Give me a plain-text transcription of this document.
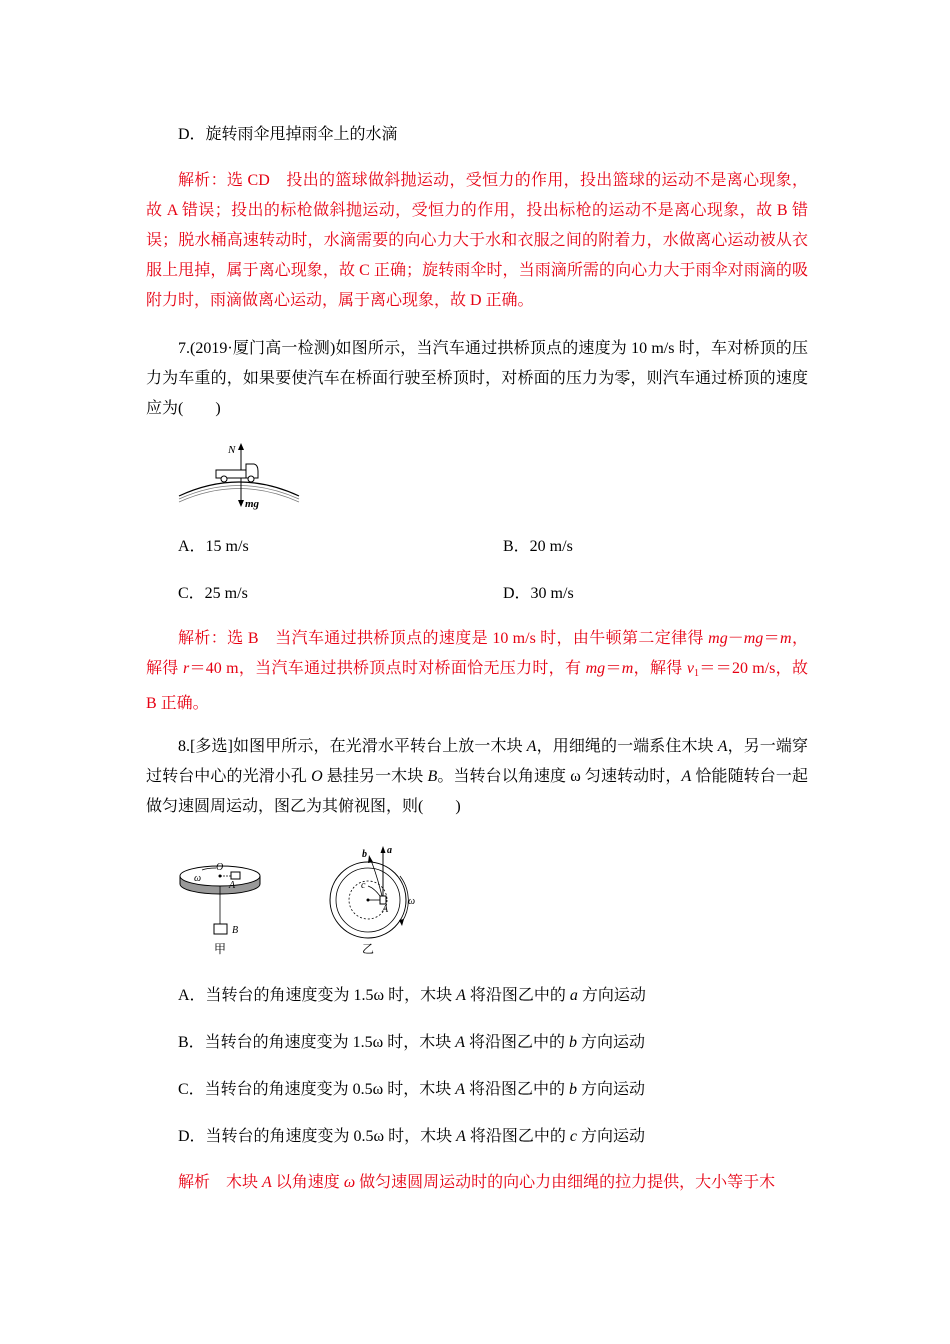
D．旋转雨伞甩掉雨伞上的水滴
解析：选 CD　投出的篮球做斜抛运动，受恒力的作用，投出篮球的运动不是离心现象，故 A 错误；投出的标枪做斜抛运动，受恒力的作用，投出标枪的运动不是离心现象，故 B 错误；脱水桶高速转动时，水滴需要的向心力大于水和衣服之间的附着力，水做离心运动被从衣服上甩掉，属于离心现象，故 C 正确；旋转雨伞时，当雨滴所需的向心力大于雨伞对雨滴的吸附力时，雨滴做离心运动，属于离心现象，故 D 正确。
7.(2019·厦门高一检测)如图所示，当汽车通过拱桥顶点的速度为 10 m/s 时，车对桥顶的压力为车重的，如果要使汽车在桥面行驶至桥顶时，对桥面的压力为零，则汽车通过桥顶的速度应为(　　)
N
mg
A．15 m/s	B．20 m/s
C．25 m/s	D．30 m/s
解析：选 B　当汽车通过拱桥顶点的速度是 10 m/s 时，由牛顿第二定律得 mg－mg＝m，解得 r＝40 m，当汽车通过拱桥顶点时对桥面恰无压力时，有 mg＝m，解得 $v_1==20$ m/s，故 B 正确。
8.[多选]如图甲所示，在光滑水平转台上放一木块 A，用细绳的一端系住木块 A，另一端穿过转台中心的光滑小孔 O 悬挂另一木块 B。当转台以角速度 ω 匀速转动时，A 恰能随转台一起做匀速圆周运动，图乙为其俯视图，则(　　)
ω
O
A
B
甲
a
b
c
A
ω
乙
A．当转台的角速度变为 1.5ω 时，木块 A 将沿图乙中的 a 方向运动
B．当转台的角速度变为 1.5ω 时，木块 A 将沿图乙中的 b 方向运动
C．当转台的角速度变为 0.5ω 时，木块 A 将沿图乙中的 b 方向运动
D．当转台的角速度变为 0.5ω 时，木块 A 将沿图乙中的 c 方向运动
解析　木块 A 以角速度 ω 做匀速圆周运动时的向心力由细绳的拉力提供，大小等于木
